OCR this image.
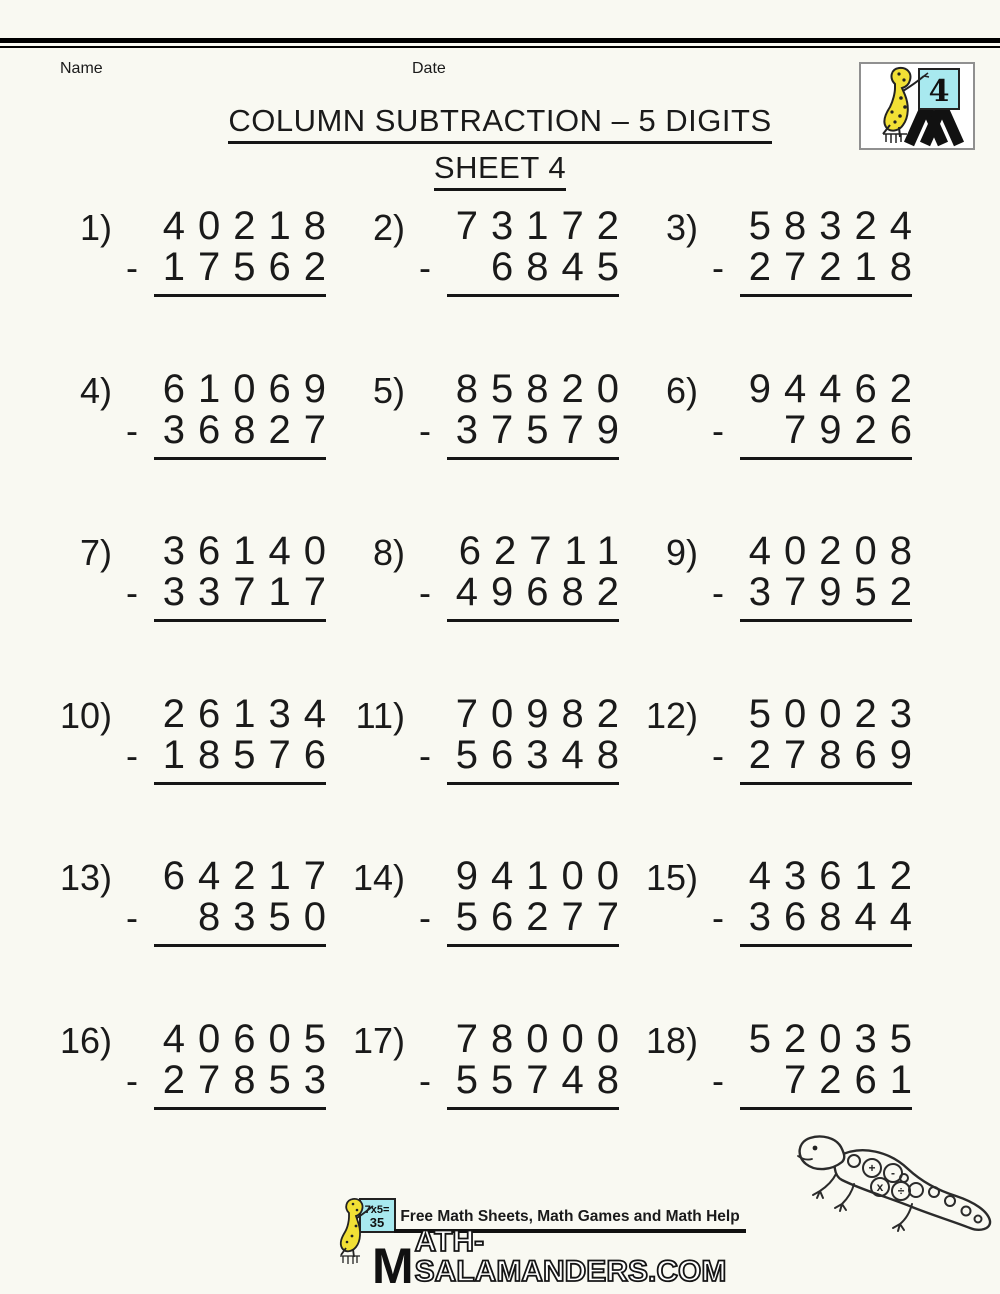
Name	Date
4
COLUMN SUBTRACTION – 5 DIGITS
SHEET 4
1)
-
40218
17562
2)
-
73172
6845
3)
-
58324
27218
4)
-
61069
36827
5)
-
85820
37579
6)
-
94462
7926
7)
-
36140
33717
8)
-
62711
49682
9)
-
40208
37952
10)
-
26134
18576
11)
-
70982
56348
12)
-
50023
27869
13)
-
64217
8350
14)
-
94100
56277
15)
-
43612
36844
16)
-
40605
27853
17)
-
78000
55748
18)
-
52035
7261
7x5=
35	Free Math Sheets, Math Games and Math Help
M ATH-SALAMANDERS.COM
+ -
x ÷
